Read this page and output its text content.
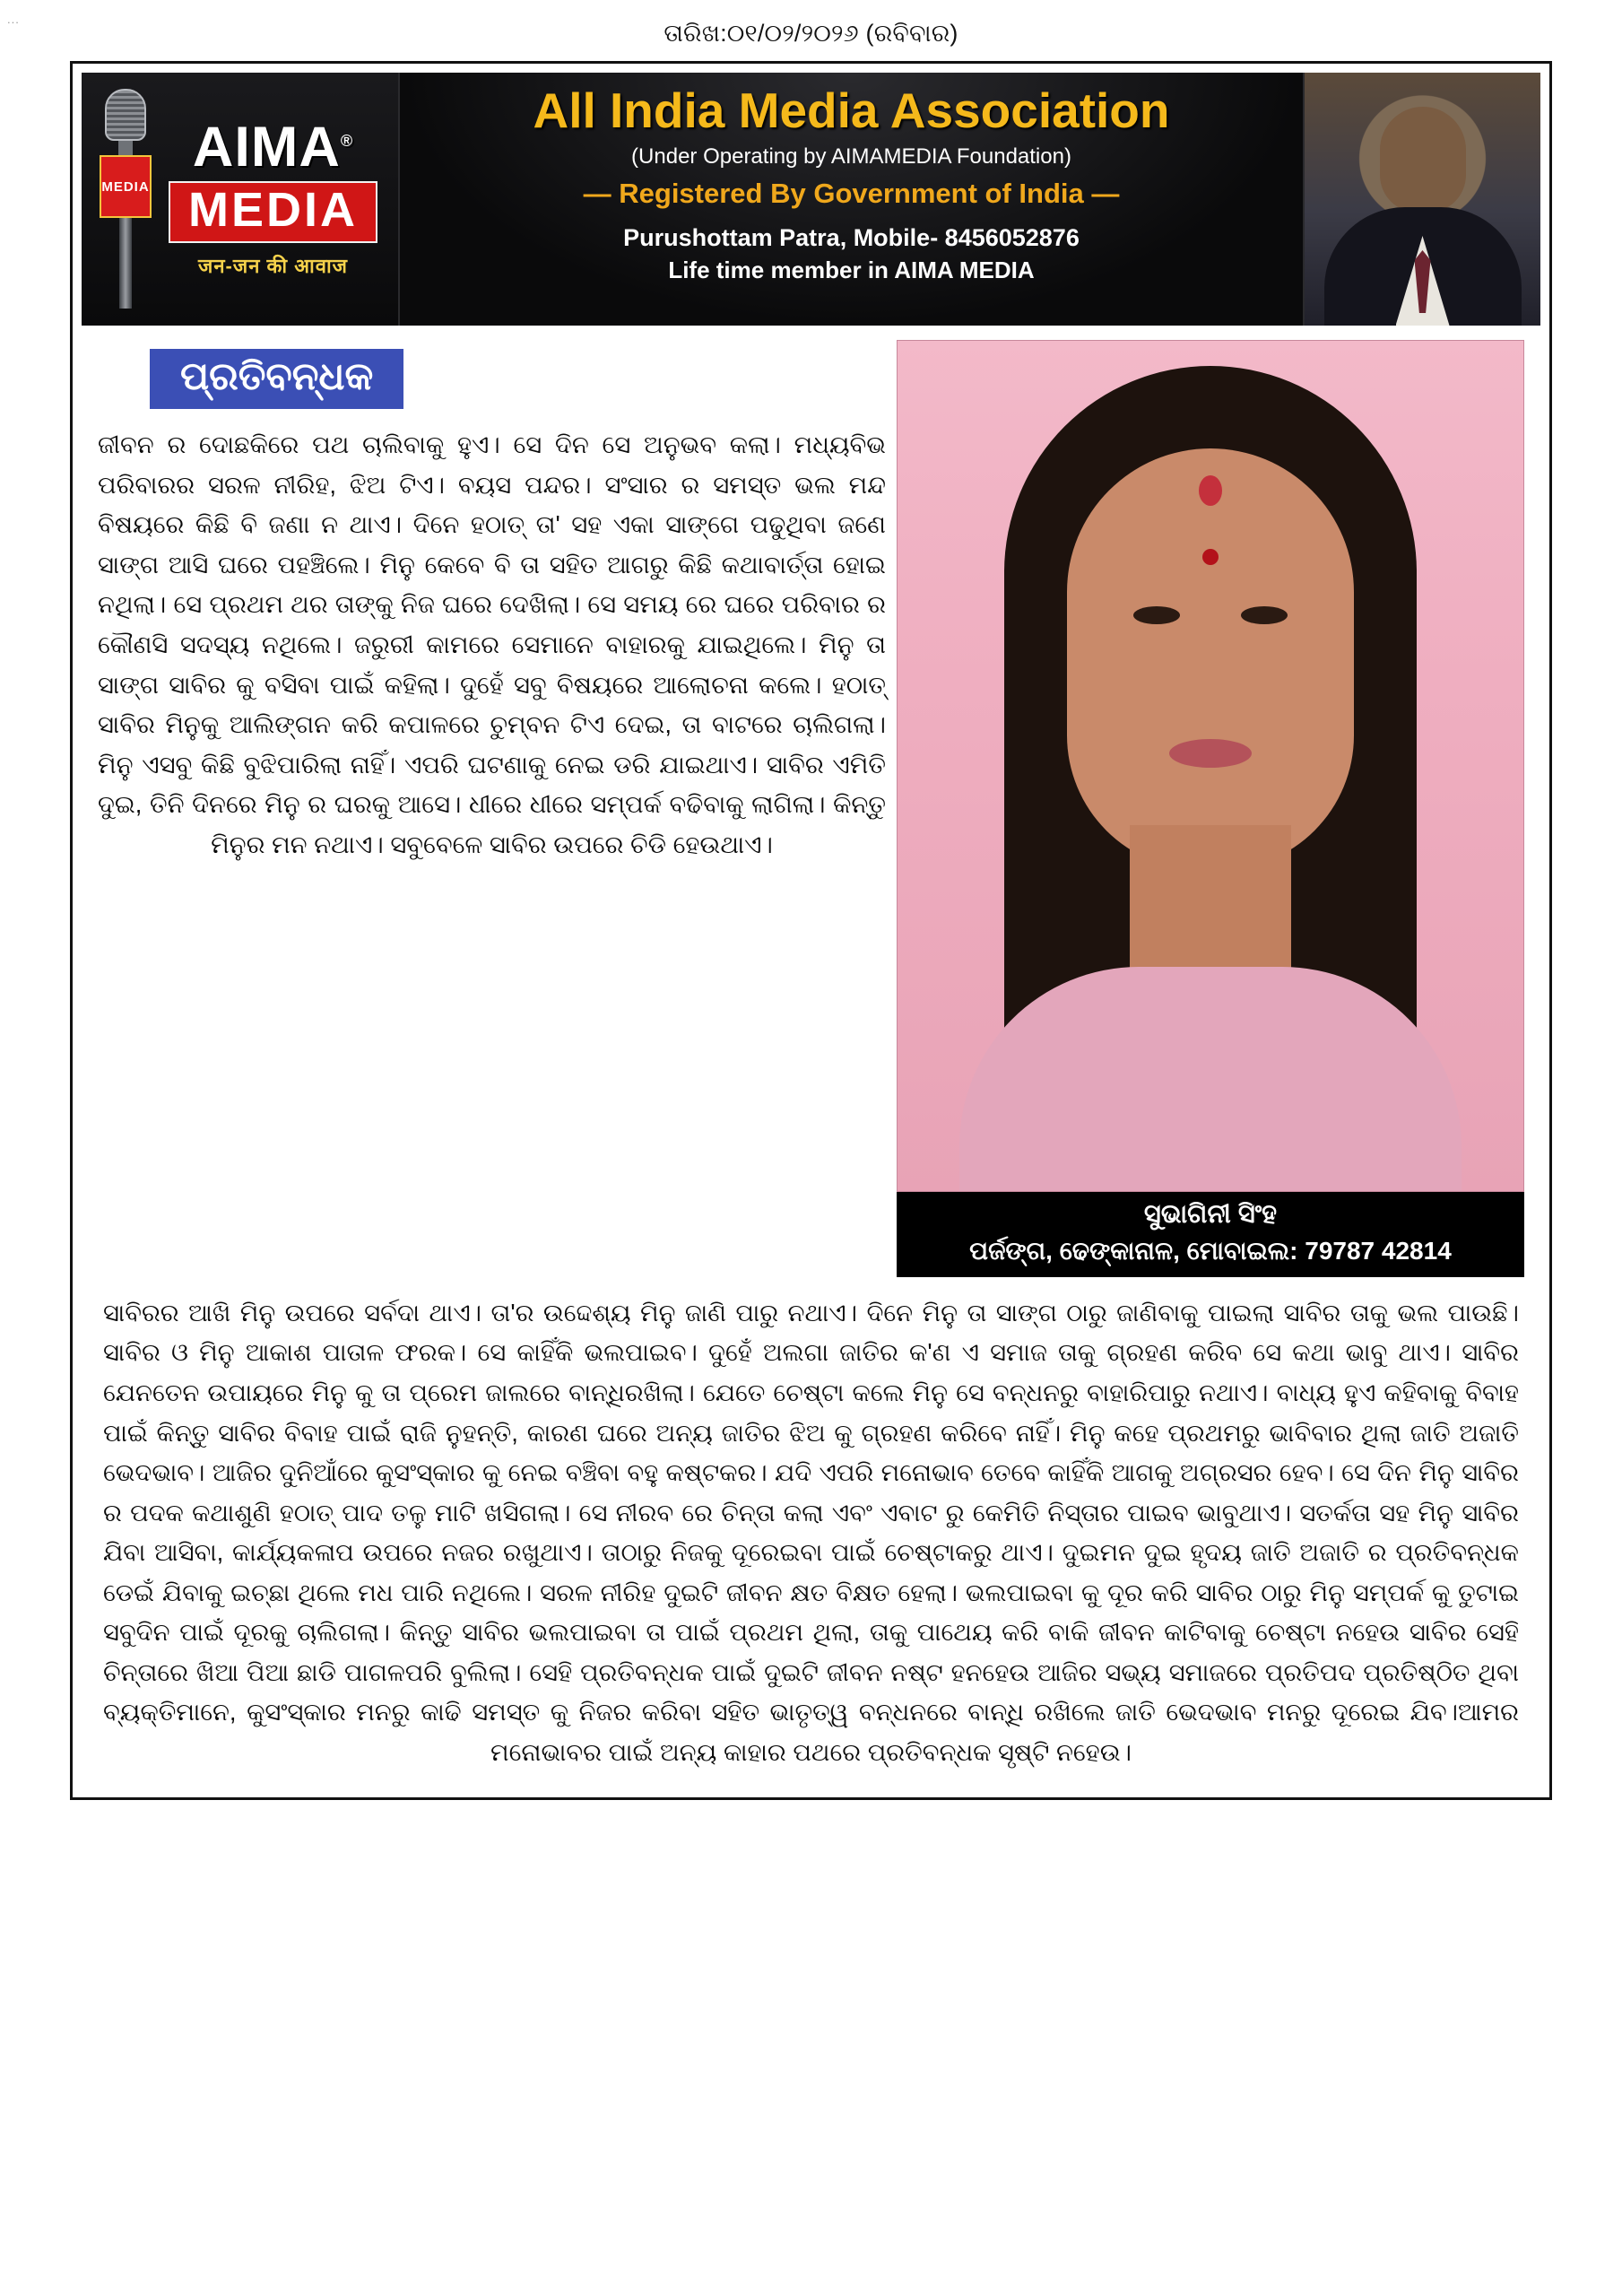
...
ତାରିଖ:୦୧/୦୨/୨୦୨୬ (ରବିବାର)
MEDIA
AIMA®
MEDIA
जन-जन की आवाज
All India Media Association
(Under Operating by AIMAMEDIA Foundation)
— Registered By Government of India —
Purushottam Patra, Mobile- 8456052876
Life time member in AIMA MEDIA
ପ୍ରତିବନ୍ଧକ

ଜୀବନ ର ଦୋଛକିରେ ପଥ ଚାଲିବାକୁ ହୁଏ। ସେ ଦିନ ସେ ଅନୁଭବ କଲା। ମଧ୍ୟବିଭ ପରିବାରର ସରଳ ନୀରିହ, ଝିଅ ଟିଏ। ବୟସ ପନ୍ଦର। ସଂସାର ର ସମସ୍ତ ଭଲ ମନ୍ଦ ବିଷୟରେ କିଛି ବି ଜଣା ନ ଥାଏ। ଦିନେ ହଠାତ୍ ତା' ସହ ଏକା ସାଙ୍ଗେ ପଢୁଥିବା ଜଣେ ସାଙ୍ଗ ଆସି ଘରେ ପହଞ୍ଚିଲେ। ମିନୁ କେବେ ବି ତା ସହିତ ଆଗରୁ କିଛି କଥାବାର୍ତ୍ତା ହୋଇ ନଥିଲା। ସେ ପ୍ରଥମ ଥର ତାଙ୍କୁ ନିଜ ଘରେ ଦେଖିଲା। ସେ ସମୟ ରେ ଘରେ ପରିବାର ର କୌଣସି ସଦସ୍ୟ ନଥିଲେ। ଜରୁରୀ କାମରେ ସେମାନେ ବାହାରକୁ ଯାଇଥିଲେ। ମିନୁ ତା ସାଙ୍ଗ ସାବିର କୁ ବସିବା ପାଇଁ କହିଲା। ଦୁହେଁ ସବୁ ବିଷୟରେ ଆଲୋଚନା କଲେ। ହଠାତ୍ ସାବିର ମିନୁକୁ ଆଲିଙ୍ଗନ କରି କପାଳରେ ଚୁମ୍ବନ ଟିଏ ଦେଇ, ତା ବାଟରେ ଚାଲିଗଲା। ମିନୁ ଏସବୁ କିଛି ବୁଝିପାରିଲା ନାହିଁ। ଏପରି ଘଟଣାକୁ ନେଇ ଡରି ଯାଇଥାଏ। ସାବିର ଏମିତି ଦୁଇ, ତିନି ଦିନରେ ମିନୁ ର ଘରକୁ ଆସେ। ଧୀରେ ଧୀରେ ସମ୍ପର୍କ ବଢିବାକୁ ଲାଗିଲା। କିନ୍ତୁ ମିନୁର ମନ ନଥାଏ। ସବୁବେଳେ ସାବିର ଉପରେ ଚିଡି ହେଉଥାଏ।

ସୁଭାଗିନୀ ସିଂହ
ପର୍ଜଙ୍ଗ, ଢେଙ୍କାନାଳ, ମୋବାଇଲ: 79787 42814

ସାବିରର ଆଖି ମିନୁ ଉପରେ ସର୍ବଦା ଥାଏ। ତା'ର ଉଦ୍ଦେଶ୍ୟ ମିନୁ ଜାଣି ପାରୁ ନଥାଏ। ଦିନେ ମିନୁ ତା ସାଙ୍ଗ ଠାରୁ ଜାଣିବାକୁ ପାଇଲା ସାବିର ତାକୁ ଭଲ ପାଉଛି। ସାବିର ଓ ମିନୁ ଆକାଶ ପାତାଳ ଫରକ। ସେ କାହିଁକି ଭଲପାଇବ। ଦୁହେଁ ଅଲଗା ଜାତିର କ'ଣ ଏ ସମାଜ ତାକୁ ଗ୍ରହଣ କରିବ ସେ କଥା ଭାବୁ ଥାଏ। ସାବିର ଯେନତେନ ଉପାୟରେ ମିନୁ କୁ ତା ପ୍ରେମ ଜାଲରେ ବାନ୍ଧିରଖିଲା। ଯେତେ ଚେଷ୍ଟା କଲେ ମିନୁ ସେ ବନ୍ଧନରୁ ବାହାରିପାରୁ ନଥାଏ। ବାଧ୍ୟ ହୁଏ କହିବାକୁ ବିବାହ ପାଇଁ କିନ୍ତୁ ସାବିର ବିବାହ ପାଇଁ ରାଜି ନୁହନ୍ତି, କାରଣ ଘରେ ଅନ୍ୟ ଜାତିର ଝିଅ କୁ ଗ୍ରହଣ କରିବେ ନାହିଁ। ମିନୁ କହେ ପ୍ରଥମରୁ ଭାବିବାର ଥିଲା ଜାତି ଅଜାତି ଭେଦଭାବ। ଆଜିର ଦୁନିଆଁରେ କୁସଂସ୍କାର କୁ ନେଇ ବଞ୍ଚିବା ବହୁ କଷ୍ଟକର। ଯଦି ଏପରି ମନୋଭାବ ତେବେ କାହିଁକି ଆଗକୁ ଅଗ୍ରସର ହେବ। ସେ ଦିନ ମିନୁ ସାବିର ର ପଦକ କଥାଶୁଣି ହଠାତ୍ ପାଦ ତଳୁ ମାଟି ଖସିଗଲା। ସେ ନୀରବ ରେ ଚିନ୍ତା କଲା ଏବଂ ଏବାଟ ରୁ କେମିତି ନିସ୍ତାର ପାଇବ ଭାବୁଥାଏ। ସତର୍କତା ସହ ମିନୁ ସାବିର ଯିବା ଆସିବା, କାର୍ଯ୍ୟକଳାପ ଉପରେ ନଜର ରଖୁଥାଏ। ତାଠାରୁ ନିଜକୁ ଦୂରେଇବା ପାଇଁ ଚେଷ୍ଟାକରୁ ଥାଏ। ଦୁଇମନ ଦୁଇ ହୃଦୟ ଜାତି ଅଜାତି ର ପ୍ରତିବନ୍ଧକ ଡେଇଁ ଯିବାକୁ ଇଚ୍ଛା ଥିଲେ ମଧ ପାରି ନଥିଲେ। ସରଳ ନୀରିହ ଦୁଇଟି ଜୀବନ କ୍ଷତ ବିକ୍ଷତ ହେଲା। ଭଲପାଇବା କୁ ଦୂର କରି ସାବିର ଠାରୁ ମିନୁ ସମ୍ପର୍କ କୁ ତୁଟାଇ ସବୁଦିନ ପାଇଁ ଦୂରକୁ ଚାଲିଗଲା। କିନ୍ତୁ ସାବିର ଭଲପାଇବା ତା ପାଇଁ ପ୍ରଥମ ଥିଲା, ତାକୁ ପାଥେୟ କରି ବାକି ଜୀବନ କାଟିବାକୁ ଚେଷ୍ଟା ନହେଉ ସାବିର ସେହି ଚିନ୍ତାରେ ଖିଆ ପିଆ ଛାଡି ପାଗଳପରି ବୁଲିଲା। ସେହି ପ୍ରତିବନ୍ଧକ ପାଇଁ ଦୁଇଟି ଜୀବନ ନଷ୍ଟ ହନହେଉ ଆଜିର ସଭ୍ୟ ସମାଜରେ ପ୍ରତିପଦ ପ୍ରତିଷ୍ଠିତ ଥିବା ବ୍ୟକ୍ତିମାନେ, କୁସଂସ୍କାର ମନରୁ କାଢି ସମସ୍ତ କୁ ନିଜର କରିବା ସହିତ ଭାତୃତ୍ୱ ବନ୍ଧନରେ ବାନ୍ଧି ରଖିଲେ ଜାତି ଭେଦଭାବ ମନରୁ ଦୂରେଇ ଯିବ।ଆମର ମନୋଭାବର ପାଇଁ ଅନ୍ୟ କାହାର ପଥରେ ପ୍ରତିବନ୍ଧକ ସୃଷ୍ଟି ନହେଉ।
